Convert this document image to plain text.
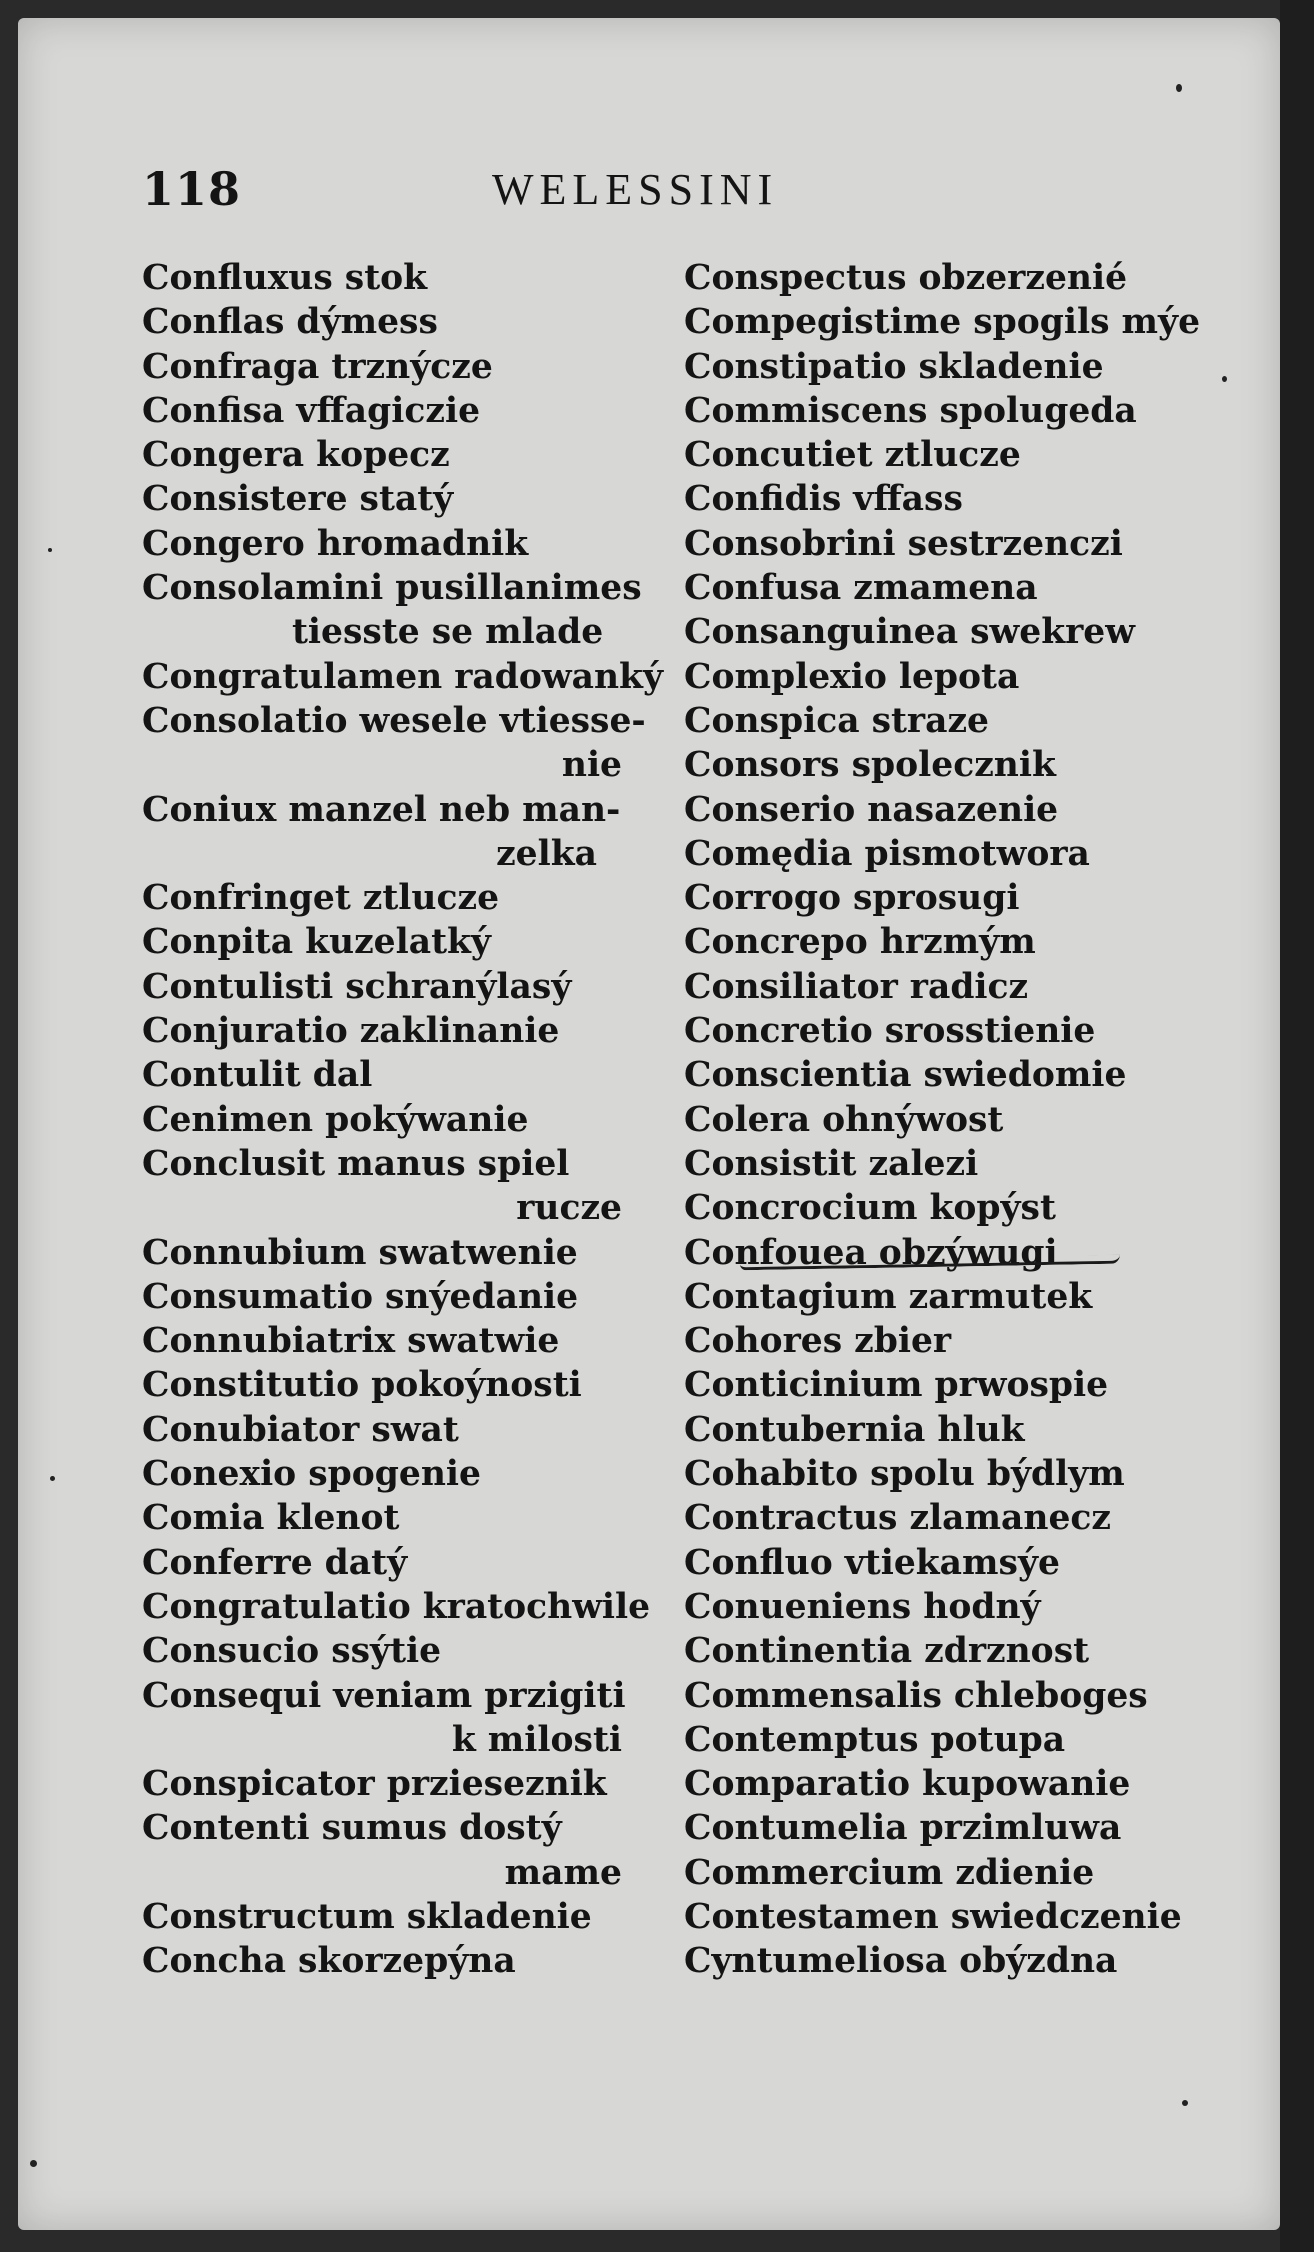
118	WELESSINI
Confluxus stok
Conflas dýmess
Confraga trznýcze
Confisa vffagiczie
Congera kopecz
Consistere statý
Congero hromadnik
Consolamini pusillanimes
tiesste se mlade
Congratulamen radowanký
Consolatio wesele vtiesse-
nie
Coniux manzel neb man-
zelka
Confringet ztlucze
Conpita kuzelatký
Contulisti schranýlasý
Conjuratio zaklinanie
Contulit dal
Cenimen pokýwanie
Conclusit manus spiel
rucze
Connubium swatwenie
Consumatio snýedanie
Connubiatrix swatwie
Constitutio pokoýnosti
Conubiator swat
Conexio spogenie
Comia klenot
Conferre datý
Congratulatio kratochwile
Consucio ssýtie
Consequi veniam przigiti
k milosti
Conspicator przieseznik
Contenti sumus dostý
mame
Constructum skladenie
Concha skorzepýna
Conspectus obzerzenié
Compegistime spogils mýe
Constipatio skladenie
Commiscens spolugeda
Concutiet ztlucze
Confidis vffass
Consobrini sestrzenczi
Confusa zmamena
Consanguinea swekrew
Complexio lepota
Conspica straze
Consors spolecznik
Conserio nasazenie
Comędia pismotwora
Corrogo sprosugi
Concrepo hrzmým
Consiliator radicz
Concretio srosstienie
Conscientia swiedomie
Colera ohnýwost
Consistit zalezi
Concrocium kopýst
Confouea obzýwugi
Contagium zarmutek
Cohores zbier
Conticinium prwospie
Contubernia hluk
Cohabito spolu býdlym
Contractus zlamanecz
Confluo vtiekamsýe
Conueniens hodný
Continentia zdrznost
Commensalis chleboges
Contemptus potupa
Comparatio kupowanie
Contumelia przimluwa
Commercium zdienie
Contestamen swiedczenie
Cyntumeliosa obýzdna
